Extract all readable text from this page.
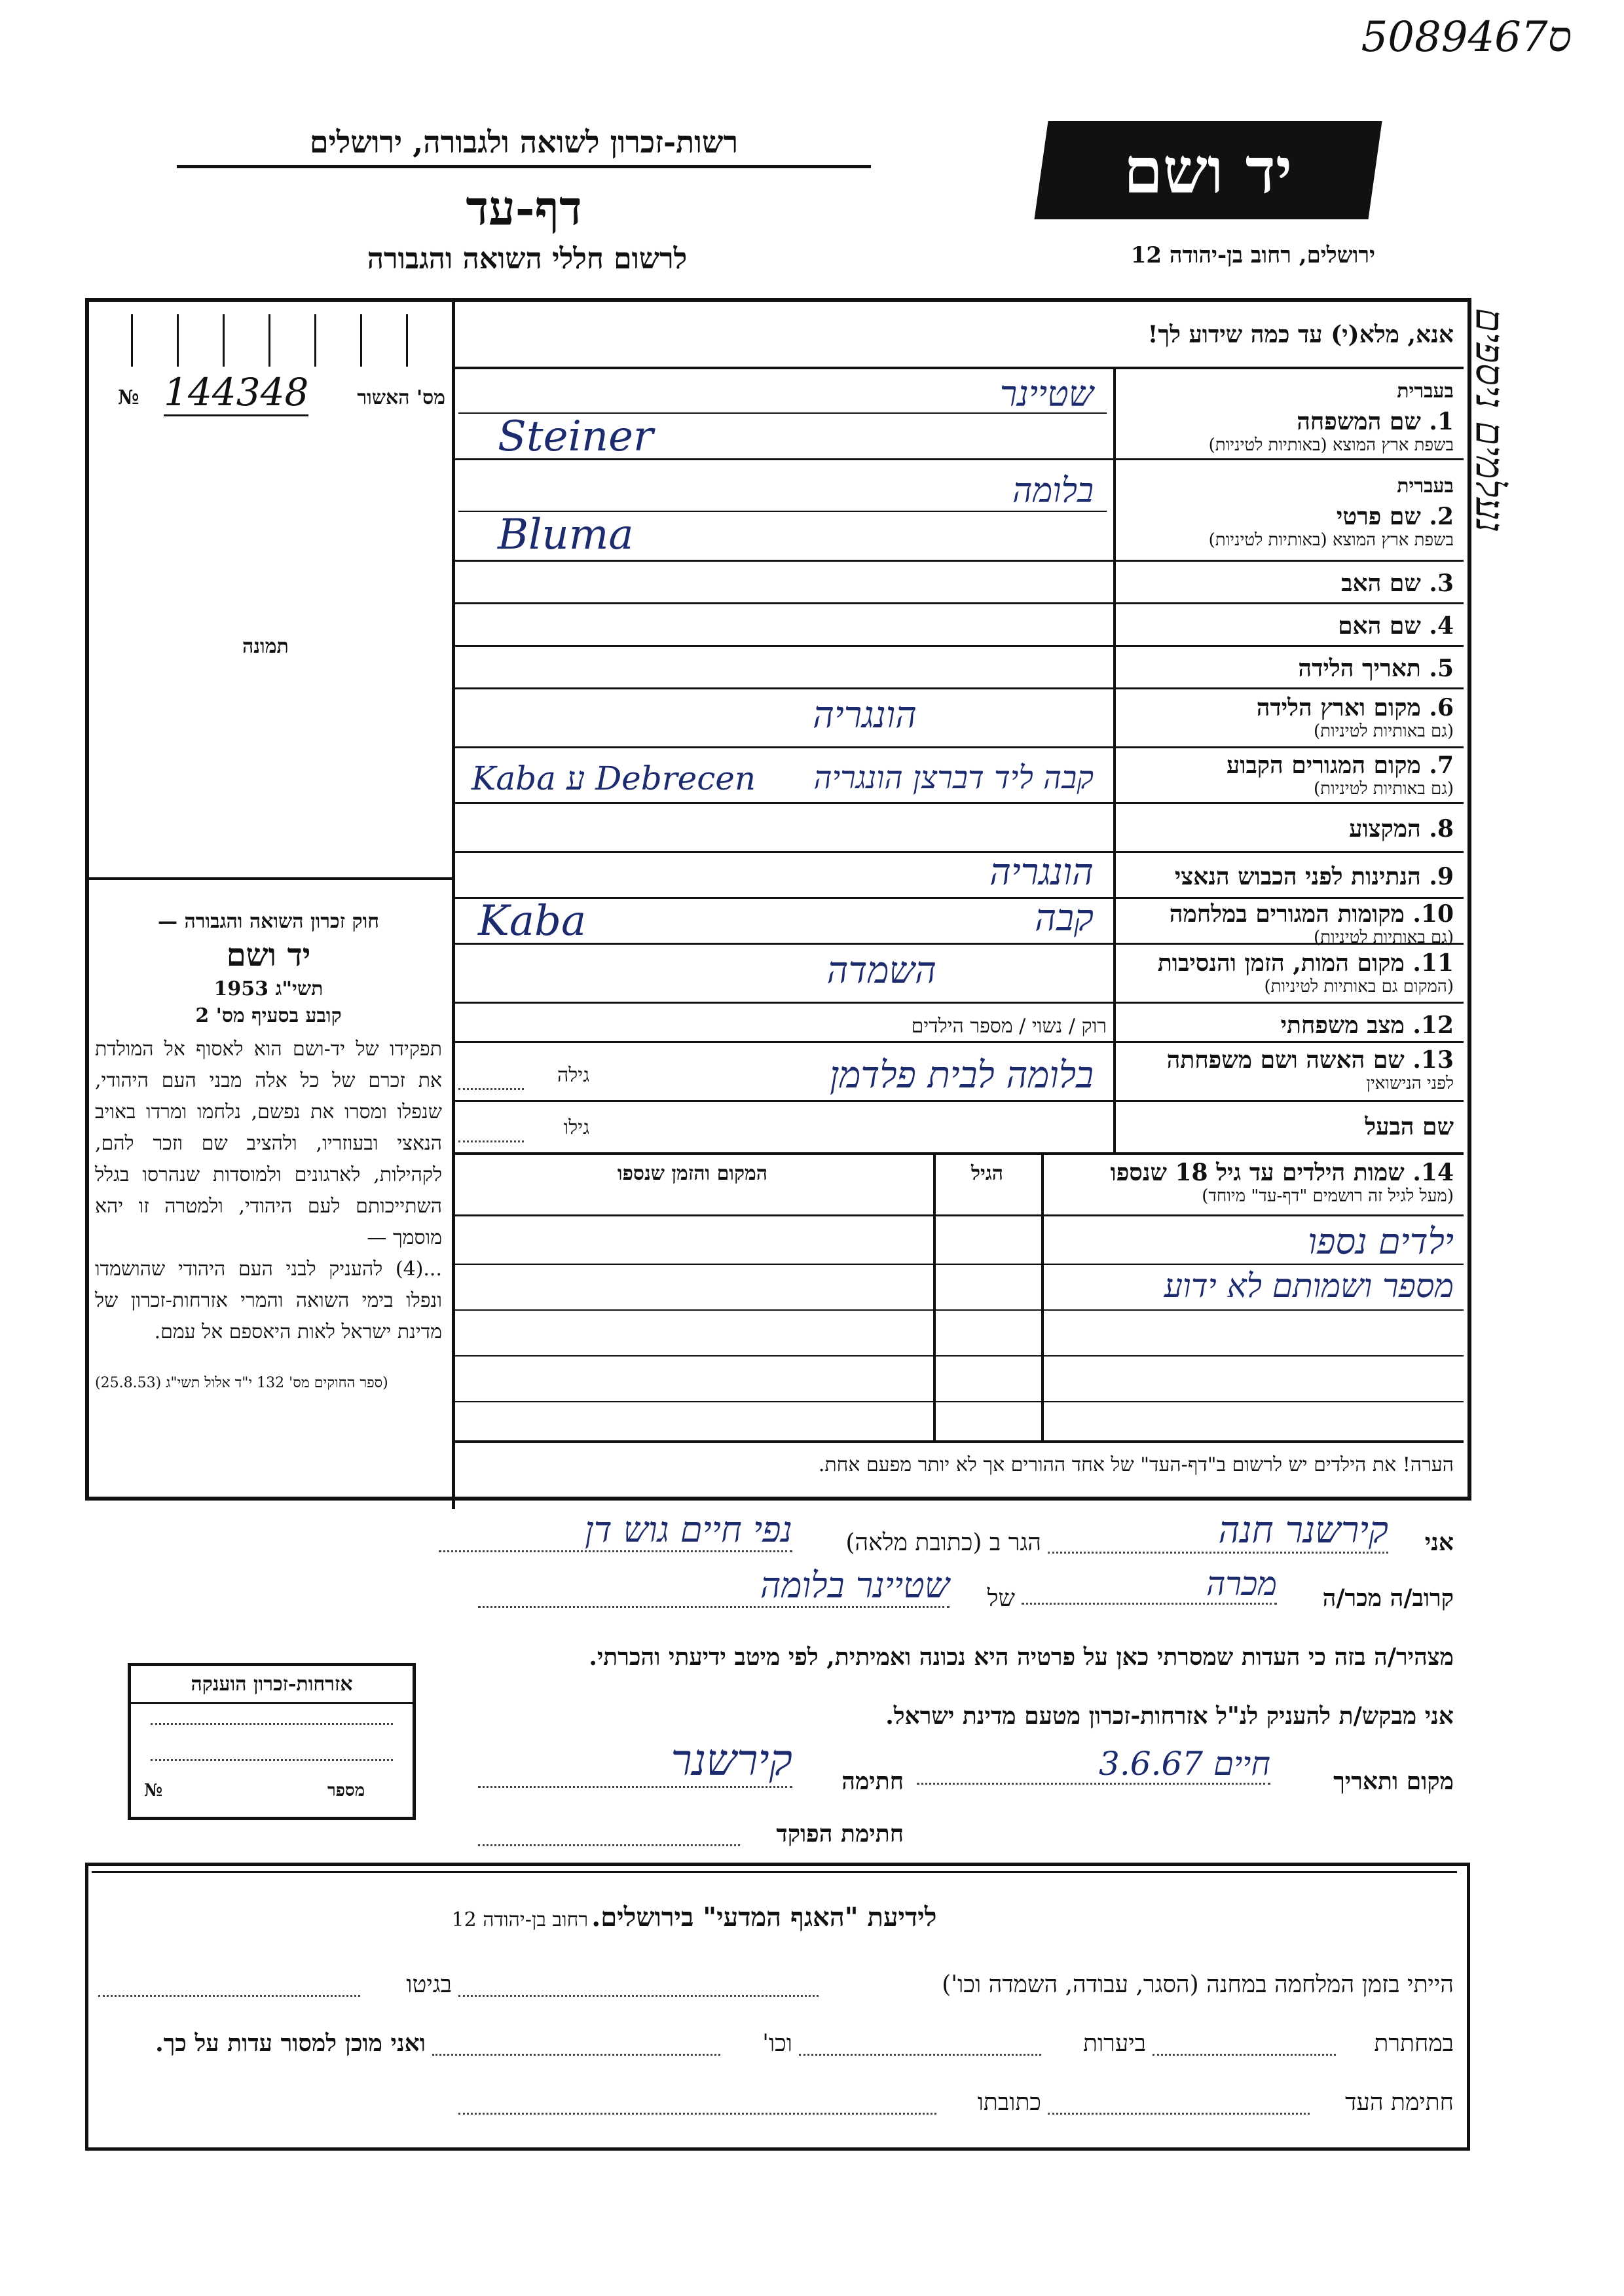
5089467ס
רשות-זכרון לשואה ולגבורה, ירושלים
דף-עד
לרשום חללי השואה והגבורה
יד ושם
ירושלים, רחוב בן-יהודה 12
נעלמים ניספים
אנא, מלא(י) עד כמה שידוע לך!
№ 144348	מס' האשור
תמונה
חוק זכרון השואה והגבורה —
יד ושם
תשי"ג 1953
קובע בסעיף מס' 2
תפקידו של יד-ושם הוא לאסוף אל המולדת את זכרם של כל אלה מבני העם היהודי, שנפלו ומסרו את נפשם, נלחמו ומרדו באויב הנאצי ובעוזריו, ולהציב שם וזכר להם, לקהילות, לארגונים ולמוסדות שנהרסו בגלל השתייכותם לעם היהודי, ולמטרה זו יהא מוסמך —
...(4) להעניק לבני העם היהודי שהושמדו ונפלו בימי השואה והמרי אזרחות-זכרון של מדינת ישראל לאות היאספם אל עמם.
(ספר החוקים מס' 132 י"ד אלול תשי"ג (25.8.53)
בעברית
1. שם המשפחה
בשפת ארץ המוצא (באותיות לטיניות)
שטיינר
Steiner
בעברית
2. שם פרטי
בשפת ארץ המוצא (באותיות לטיניות)
בלומה
Bluma
3. שם האב
4. שם האם
5. תאריך הלידה
6. מקום וארץ הלידה
(גם באותיות לטיניות)
הונגריה
7. מקום המגורים הקבוע
(גם באותיות לטיניות)
Kaba ע Debrecen	קבה ליד דברצן הונגריה
8. המקצוע
9. הנתינות לפני הכבוש הנאצי
הונגריה
10. מקומות המגורים במלחמה
(גם באותיות לטיניות)
קבה
Kaba
11. מקום המות, הזמן והנסיבות
(המקום גם באותיות לטיניות)
השמדה
12. מצב משפחתי
רוק / נשוי / מספר הילדים
13. שם האשה ושם משפחתה
לפני הנישואין
גילה	בלומה לבית פלדמן
שם הבעל
גילו
14. שמות הילדים עד גיל 18 שנספו
(מעל לגיל זה רושמים "דף-עד" מיוחד)
הגיל
המקום והזמן שנספו
ילדים נספו
מספר ושמותם לא ידוע
הערה! את הילדים יש לרשום ב"דף-העד" של אחד ההורים אך לא יותר מפעם אחת.
אני
קירשנר חנה
הגר ב (כתובת מלאה)
נפי חיים גוש דן
קרוב/ה מכר/ה
מכרה
של
שטיינר בלומה
מצהיר/ה בזה כי העדות שמסרתי כאן על פרטיה היא נכונה ואמיתית, לפי מיטב ידיעתי והכרתי.
אני מבקש/ת להעניק לנ"ל אזרחות-זכרון מטעם מדינת ישראל.
מקום ותאריך
חיים 3.6.67
חתימה
קירשנר
חתימת הפוקד
אזרחות-זכרון הוענקה
№	מספר
לידיעת "האגף המדעי" בירושלים. רחוב בן-יהודה 12
הייתי בזמן המלחמה במחנה (הסגר, עבודה, השמדה וכו')
בגיטו
במחתרת
ביערות
וכו'
ואני מוכן למסור עדות על כך.
חתימת העד
כתובתו
